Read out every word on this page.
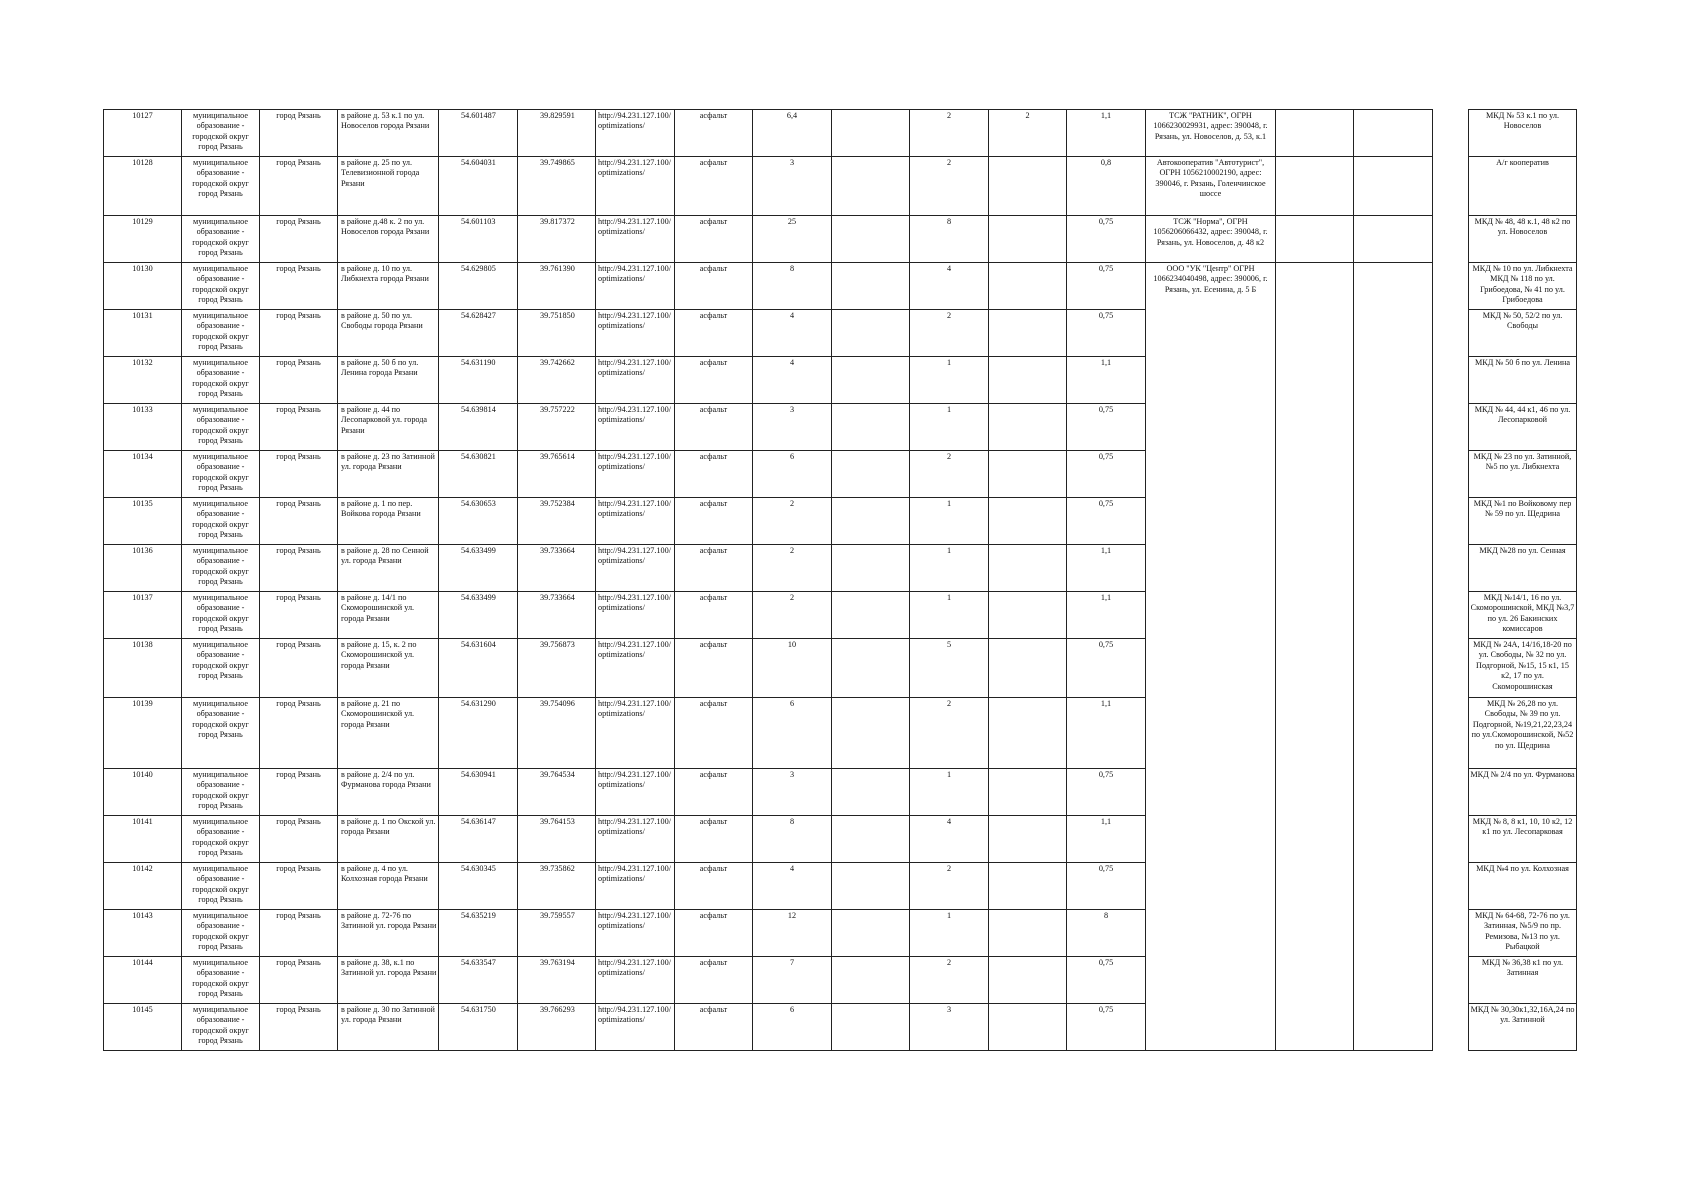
10127	муниципальное образование - городской округ город Рязань	город Рязань	в районе д. 53 к.1 по ул. Новоселов города Рязани	54.601487	39.829591	http://94.231.127.100/optimizations/	асфальт	6,4		2	2	1,1	ТСЖ "РАТНИК", ОГРН 1066230029931, адрес: 390048, г. Рязань, ул. Новоселов, д. 53, к.1				МКД № 53 к.1 по ул. Новоселов
10128	муниципальное образование - городской округ город Рязань	город Рязань	в районе д. 25 по ул. Телевизионной города Рязани	54.604031	39.749865	http://94.231.127.100/optimizations/	асфальт	3		2		0,8	Автокооператив "Автотурист", ОГРН 1056210002190, адрес: 390046, г. Рязань, Голенчинское шоссе				А/г кооператив
10129	муниципальное образование - городской округ город Рязань	город Рязань	в районе д.48 к. 2 по ул. Новоселов города Рязани	54.601103	39.817372	http://94.231.127.100/optimizations/	асфальт	25		8		0,75	ТСЖ "Норма", ОГРН 1056206066432, адрес: 390048, г. Рязань, ул. Новоселов, д. 48 к2				МКД № 48, 48 к.1, 48 к2 по ул. Новоселов
10130	муниципальное образование - городской округ город Рязань	город Рязань	в районе д. 10 по ул. Либкнехта города Рязани	54.629805	39.761390	http://94.231.127.100/optimizations/	асфальт	8		4		0,75	ООО "УК "Центр" ОГРН 1066234040498, адрес: 390006, г. Рязань, ул. Есенина, д. 5 Б				МКД № 10 по ул. Либкнехта МКД № 118 по ул. Грибоедова, № 41 по ул. Грибоедова
10131	муниципальное образование - городской округ город Рязань	город Рязань	в районе д. 50 по ул. Свободы города Рязани	54.628427	39.751850	http://94.231.127.100/optimizations/	асфальт	4		2		0,75					МКД № 50, 52/2 по ул. Свободы
10132	муниципальное образование - городской округ город Рязань	город Рязань	в районе д. 50 б по ул. Ленина города Рязани	54.631190	39.742662	http://94.231.127.100/optimizations/	асфальт	4		1		1,1					МКД № 50 б по ул. Ленина
10133	муниципальное образование - городской округ город Рязань	город Рязань	в районе д. 44 по Лесопарковой ул. города Рязани	54.639814	39.757222	http://94.231.127.100/optimizations/	асфальт	3		1		0,75					МКД № 44, 44 к1, 46 по ул. Лесопарковой
10134	муниципальное образование - городской округ город Рязань	город Рязань	в районе д. 23 по Затинной ул. города Рязани	54.630821	39.765614	http://94.231.127.100/optimizations/	асфальт	6		2		0,75					МКД № 23 по ул. Затинной, №5 по ул. Либкнехта
10135	муниципальное образование - городской округ город Рязань	город Рязань	в районе д. 1 по пер. Войкова города Рязани	54.630653	39.752384	http://94.231.127.100/optimizations/	асфальт	2		1		0,75					МКД №1 по Войковому пер № 59 по ул. Щедрина
10136	муниципальное образование - городской округ город Рязань	город Рязань	в районе д. 28 по Сенной ул. города Рязани	54.633499	39.733664	http://94.231.127.100/optimizations/	асфальт	2		1		1,1					МКД №28 по ул. Сенная
10137	муниципальное образование - городской округ город Рязань	город Рязань	в районе д. 14/1 по Скоморошинской ул. города Рязани	54.633499	39.733664	http://94.231.127.100/optimizations/	асфальт	2		1		1,1					МКД №14/1, 16 по ул. Скоморошинской, МКД №3,7 по ул. 26 Бакинских комиссаров
10138	муниципальное образование - городской округ город Рязань	город Рязань	в районе д. 15, к. 2 по Скоморошинской ул. города Рязани	54.631604	39.756873	http://94.231.127.100/optimizations/	асфальт	10		5		0,75					МКД № 24А, 14/16,18-20 по ул. Свободы, № 32 по ул. Подгорной, №15, 15 к1, 15 к2, 17 по ул. Скоморошинская
10139	муниципальное образование - городской округ город Рязань	город Рязань	в районе д. 21 по Скоморошинской ул. города Рязани	54.631290	39.754096	http://94.231.127.100/optimizations/	асфальт	6		2		1,1					МКД № 26,28 по ул. Свободы, № 39 по ул. Подгорной, №19,21,22,23,24 по ул.Скоморошинской, №52 по ул. Щедрина
10140	муниципальное образование - городской округ город Рязань	город Рязань	в районе д. 2/4 по ул. Фурманова города Рязани	54.630941	39.764534	http://94.231.127.100/optimizations/	асфальт	3		1		0,75					МКД № 2/4 по ул. Фурманова
10141	муниципальное образование - городской округ город Рязань	город Рязань	в районе д. 1 по Окской ул. города Рязани	54.636147	39.764153	http://94.231.127.100/optimizations/	асфальт	8		4		1,1					МКД № 8, 8 к1, 10, 10 к2, 12 к1 по ул. Лесопарковая
10142	муниципальное образование - городской округ город Рязань	город Рязань	в районе д. 4 по ул. Колхозная города Рязани	54.630345	39.735862	http://94.231.127.100/optimizations/	асфальт	4		2		0,75					МКД №4 по ул. Колхозная
10143	муниципальное образование - городской округ город Рязань	город Рязань	в районе д. 72-76 по Затинной ул. города Рязани	54.635219	39.759557	http://94.231.127.100/optimizations/	асфальт	12		1		8					МКД № 64-68, 72-76 по ул. Затинная, №5/9 по пр. Ремизова, №13 по ул. Рыбацкой
10144	муниципальное образование - городской округ город Рязань	город Рязань	в районе д. 38, к.1 по Затинной ул. города Рязани	54.633547	39.763194	http://94.231.127.100/optimizations/	асфальт	7		2		0,75					МКД № 36,38 к1 по ул. Затинная
10145	муниципальное образование - городской округ город Рязань	город Рязань	в районе д. 30 по Затинной ул. города Рязани	54.631750	39.766293	http://94.231.127.100/optimizations/	асфальт	6		3		0,75					МКД № 30,30к1,32,16А,24 по ул. Затинной
